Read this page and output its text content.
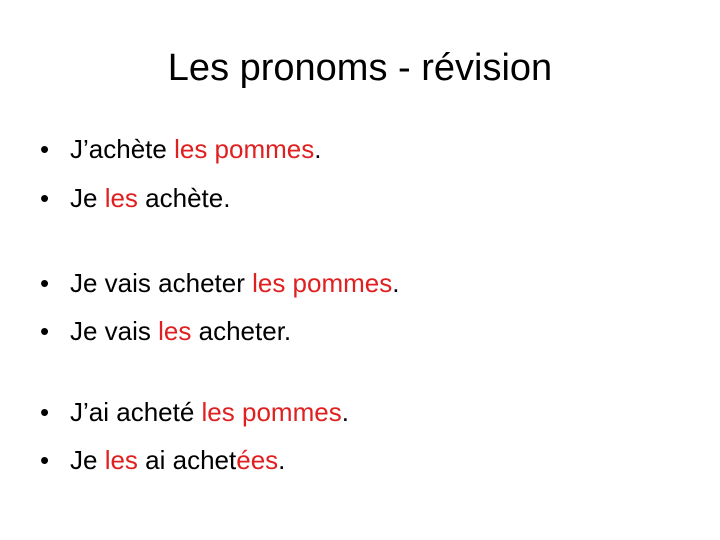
Les pronoms - révision
• J’achète les pommes.
• Je les achète.
• Je vais acheter les pommes.
• Je vais les acheter.
• J’ai acheté les pommes.
• Je les ai achetées.
